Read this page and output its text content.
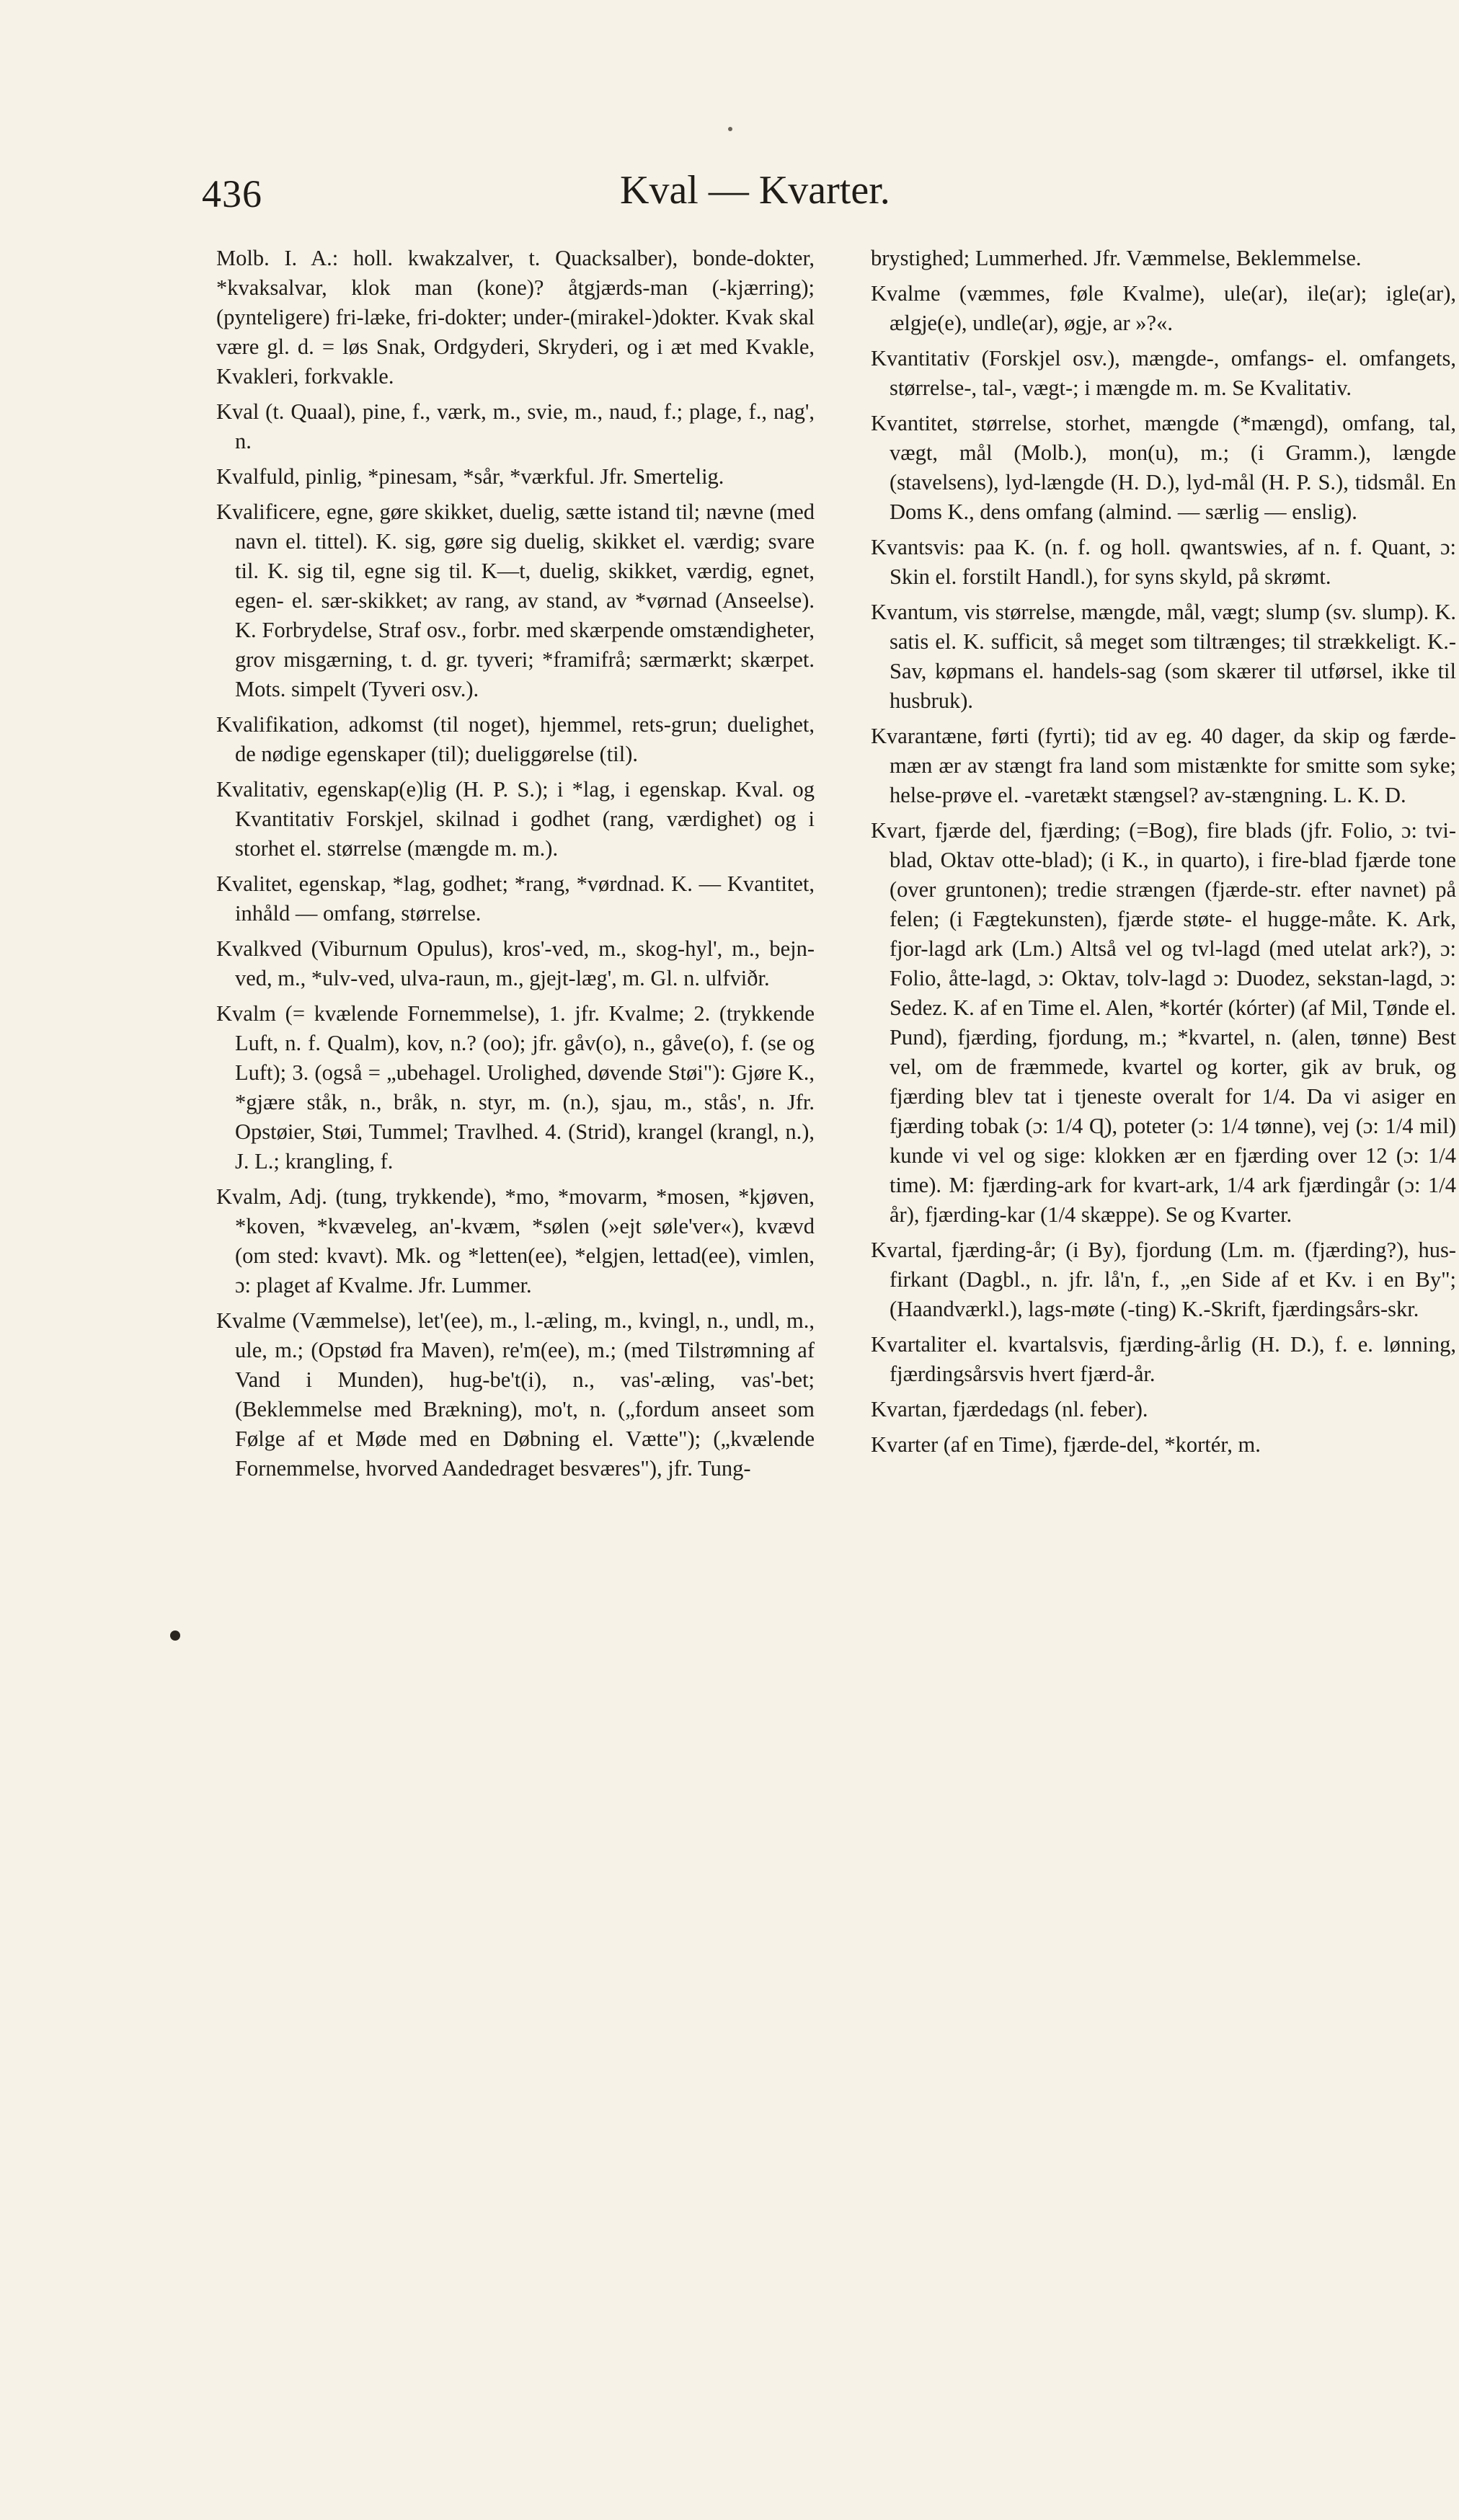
436	Kval — Kvarter.

Molb. I. A.: holl. kwakzalver, t. Quacksalber), bonde-dokter, *kvaksalvar, klok man (kone)? åtgjærds-man (-kjærring); (pynteligere) fri-læke, fri-dokter; under-(mirakel-)dokter. Kvak skal være gl. d. = løs Snak, Ordgyderi, Skryderi, og i æt med Kvakle, Kvakleri, forkvakle.

Kval (t. Quaal), pine, f., værk, m., svie, m., naud, f.; plage, f., nag', n.

Kvalfuld, pinlig, *pinesam, *sår, *værkful. Jfr. Smertelig.

Kvalificere, egne, gøre skikket, duelig, sætte istand til; nævne (med navn el. tittel). K. sig, gøre sig duelig, skikket el. værdig; svare til. K. sig til, egne sig til. K—t, duelig, skikket, værdig, egnet, egen- el. sær-skikket; av rang, av stand, av *vørnad (Anseelse). K. Forbrydelse, Straf osv., forbr. med skærpende omstændigheter, grov misgærning, t. d. gr. tyveri; *framifrå; særmærkt; skærpet. Mots. simpelt (Tyveri osv.).

Kvalifikation, adkomst (til noget), hjemmel, rets-grun; duelighet, de nødige egenskaper (til); dueliggørelse (til).

Kvalitativ, egenskap(e)lig (H. P. S.); i *lag, i egenskap. Kval. og Kvantitativ Forskjel, skilnad i godhet (rang, værdighet) og i storhet el. størrelse (mængde m. m.).

Kvalitet, egenskap, *lag, godhet; *rang, *vørdnad. K. — Kvantitet, inhåld — omfang, størrelse.

Kvalkved (Viburnum Opulus), kros'-ved, m., skog-hyl', m., bejn-ved, m., *ulv-ved, ulva-raun, m., gjejt-læg', m. Gl. n. ulfviðr.

Kvalm (= kvælende Fornemmelse), 1. jfr. Kvalme; 2. (trykkende Luft, n. f. Qualm), kov, n.? (oo); jfr. gåv(o), n., gåve(o), f. (se og Luft); 3. (også = „ubehagel. Urolighed, døvende Støi"): Gjøre K., *gjære ståk, n., bråk, n. styr, m. (n.), sjau, m., stås', n. Jfr. Opstøier, Støi, Tummel; Travlhed. 4. (Strid), krangel (krangl, n.), J. L.; krangling, f.

Kvalm, Adj. (tung, trykkende), *mo, *movarm, *mosen, *kjøven, *koven, *kvæveleg, an'-kvæm, *sølen (»ejt søle'ver«), kvævd (om sted: kvavt). Mk. og *letten(ee), *elgjen, lettad(ee), vimlen, ɔ: plaget af Kvalme. Jfr. Lummer.

Kvalme (Væmmelse), let'(ee), m., l.-æling, m., kvingl, n., undl, m., ule, m.; (Opstød fra Maven), re'm(ee), m.; (med Tilstrømning af Vand i Munden), hug-be't(i), n., vas'-æling, vas'-bet; (Beklemmelse med Brækning), mo't, n. („fordum anseet som Følge af et Møde med en Døbning el. Vætte"); („kvælende Fornemmelse, hvorved Aandedraget besværes"), jfr. Tung-

brystighed; Lummerhed. Jfr. Væmmelse, Beklemmelse.

Kvalme (væmmes, føle Kvalme), ule(ar), ile(ar); igle(ar), ælgje(e), undle(ar), øgje, ar »?«.

Kvantitativ (Forskjel osv.), mængde-, omfangs- el. omfangets, størrelse-, tal-, vægt-; i mængde m. m. Se Kvalitativ.

Kvantitet, størrelse, storhet, mængde (*mængd), omfang, tal, vægt, mål (Molb.), mon(u), m.; (i Gramm.), længde (stavelsens), lyd-længde (H. D.), lyd-mål (H. P. S.), tidsmål. En Doms K., dens omfang (almind. — særlig — enslig).

Kvantsvis: paa K. (n. f. og holl. qwantswies, af n. f. Quant, ɔ: Skin el. forstilt Handl.), for syns skyld, på skrømt.

Kvantum, vis størrelse, mængde, mål, vægt; slump (sv. slump). K. satis el. K. sufficit, så meget som tiltrænges; til strækkeligt. K.-Sav, køpmans el. handels-sag (som skærer til utførsel, ikke til husbruk).

Kvarantæne, førti (fyrti); tid av eg. 40 dager, da skip og færde-mæn ær av stængt fra land som mistænkte for smitte som syke; helse-prøve el. -varetækt stængsel? av-stængning. L. K. D.

Kvart, fjærde del, fjærding; (=Bog), fire blads (jfr. Folio, ɔ: tvi-blad, Oktav otte-blad); (i K., in quarto), i fire-blad fjærde tone (over gruntonen); tredie strængen (fjærde-str. efter navnet) på felen; (i Fægtekunsten), fjærde støte- el hugge-måte. K. Ark, fjor-lagd ark (Lm.) Altså vel og tvl-lagd (med utelat ark?), ɔ: Folio, åtte-lagd, ɔ: Oktav, tolv-lagd ɔ: Duodez, sekstan-lagd, ɔ: Sedez. K. af en Time el. Alen, *kortér (kórter) (af Mil, Tønde el. Pund), fjærding, fjordung, m.; *kvartel, n. (alen, tønne) Best vel, om de fræmmede, kvartel og korter, gik av bruk, og fjærding blev tat i tjeneste overalt for 1/4. Da vi asiger en fjærding tobak (ɔ: 1/4 Ɋ), poteter (ɔ: 1/4 tønne), vej (ɔ: 1/4 mil) kunde vi vel og sige: klokken ær en fjærding over 12 (ɔ: 1/4 time). M: fjærding-ark for kvart-ark, 1/4 ark fjærdingår (ɔ: 1/4 år), fjærding-kar (1/4 skæppe). Se og Kvarter.

Kvartal, fjærding-år; (i By), fjordung (Lm. m. (fjærding?), hus-firkant (Dagbl., n. jfr. lå'n, f., „en Side af et Kv. i en By"; (Haandværkl.), lags-møte (-ting) K.-Skrift, fjærdingsårs-skr.

Kvartaliter el. kvartalsvis, fjærding-årlig (H. D.), f. e. lønning, fjærdingsårsvis hvert fjærd-år.

Kvartan, fjærdedags (nl. feber).

Kvarter (af en Time), fjærde-del, *kortér, m.
